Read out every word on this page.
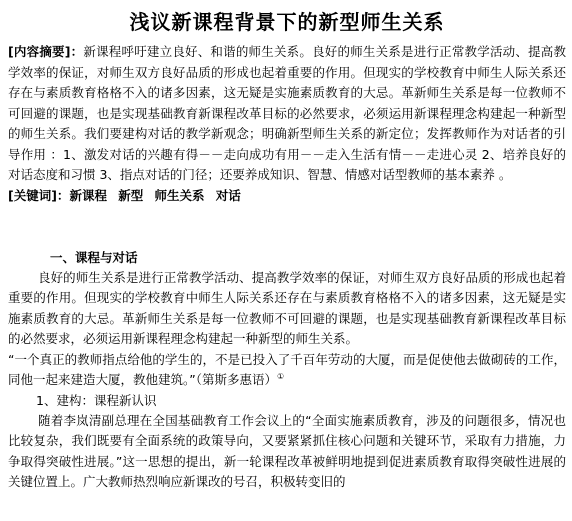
浅议新课程背景下的新型师生关系

[内容摘要]：新课程呼吁建立良好、和谐的师生关系。良好的师生关系是进行正常教学活动、提高教学效率的保证，对师生双方良好品质的形成也起着重要的作用。但现实的学校教育中师生人际关系还存在与素质教育格格不入的诸多因素，这无疑是实施素质教育的大忌。革新师生关系是每一位教师不可回避的课题，也是实现基础教育新课程改革目标的必然要求，必须运用新课程理念构建起一种新型的师生关系。我们要建构对话的教学新观念；明确新型师生关系的新定位；发挥教师作为对话者的引导作用 ：1、激发对话的兴趣有得－－走向成功有用－－走入生活有情－－走进心灵 2、培养良好的对话态度和习惯 3、指点对话的门径；还要养成知识、智慧、情感对话型教师的基本素养 。

[关键词]：新课程 新型 师生关系 对话

一、课程与对话

良好的师生关系是进行正常教学活动、提高教学效率的保证，对师生双方良好品质的形成也起着重要的作用。但现实的学校教育中师生人际关系还存在与素质教育格格不入的诸多因素，这无疑是实施素质教育的大忌。革新师生关系是每一位教师不可回避的课题，也是实现基础教育新课程改革目标的必然要求，必须运用新课程理念构建起一种新型的师生关系。

“一个真正的教师指点给他的学生的，不是已投入了千百年劳动的大厦，而是促使他去做砌砖的工作，同他一起来建造大厦，教他建筑。”（第斯多惠语）①

1、建构：课程新认识

随着李岚清副总理在全国基础教育工作会议上的“全面实施素质教育，涉及的问题很多，情况也比较复杂，我们既要有全面系统的政策导向，又要紧紧抓住核心问题和关键环节，采取有力措施，力争取得突破性进展。”这一思想的提出，新一轮课程改革被鲜明地提到促进素质教育取得突破性进展的关键位置上。广大教师热烈响应新课改的号召，积极转变旧的
